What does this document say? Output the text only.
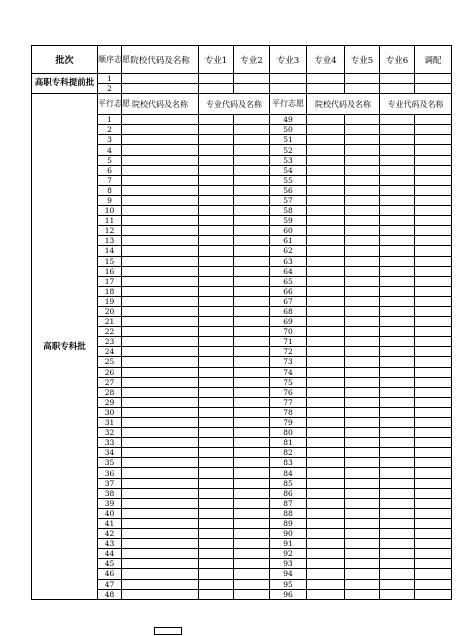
批次	顺序志愿	院校代码及名称	专业1	专业2	专业3	专业4	专业5	专业6	调配
高职专科提前批	1								
	2								
高职专科批	平行志愿	院校代码及名称	专业代码及名称		平行志愿	院校代码及名称		专业代码及名称	
	1				49				
	2				50				
	3				51				
	4				52				
	5				53				
	6				54				
	7				55				
	8				56				
	9				57				
	10				58				
	11				59				
	12				60				
	13				61				
	14				62				
	15				63				
	16				64				
	17				65				
	18				66				
	19				67				
	20				68				
	21				69				
	22				70				
	23				71				
	24				72				
	25				73				
	26				74				
	27				75				
	28				76				
	29				77				
	30				78				
	31				79				
	32				80				
	33				81				
	34				82				
	35				83				
	36				84				
	37				85				
	38				86				
	39				87				
	40				88				
	41				89				
	42				90				
	43				91				
	44				92				
	45				93				
	46				94				
	47				95				
	48				96				
